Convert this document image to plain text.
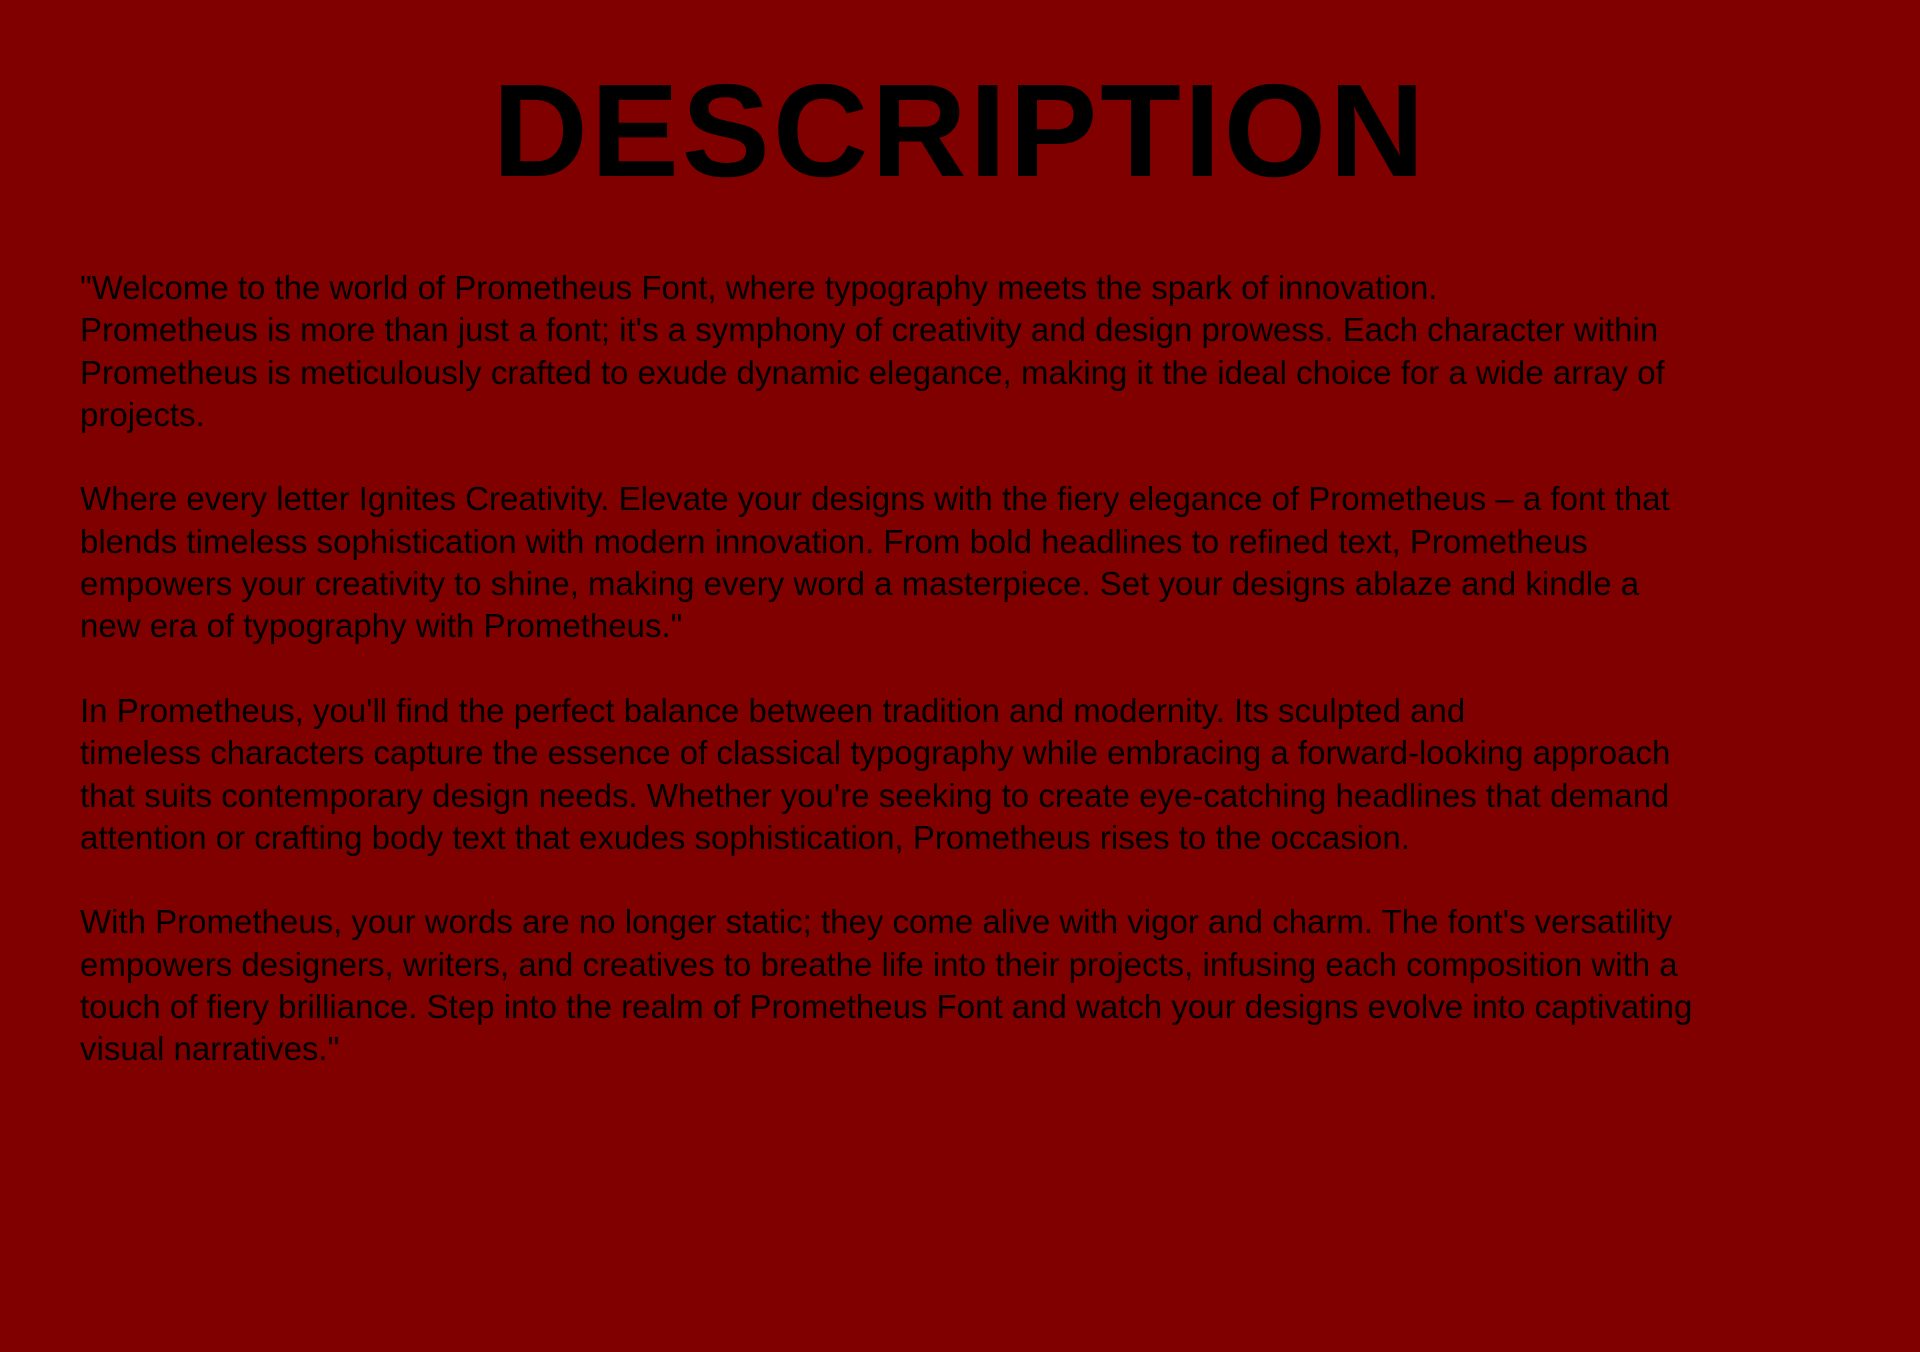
DESCRIPTION

"Welcome to the world of Prometheus Font, where typography meets the spark of innovation.
Prometheus is more than just a font; it's a symphony of creativity and design prowess. Each character within
Prometheus is meticulously crafted to exude dynamic elegance, making it the ideal choice for a wide array of
projects.

Where every letter Ignites Creativity. Elevate your designs with the fiery elegance of Prometheus – a font that
blends timeless sophistication with modern innovation. From bold headlines to refined text, Prometheus
empowers your creativity to shine, making every word a masterpiece. Set your designs ablaze and kindle a
new era of typography with Prometheus."

In Prometheus, you'll find the perfect balance between tradition and modernity. Its sculpted and
timeless characters capture the essence of classical typography while embracing a forward-looking approach
that suits contemporary design needs. Whether you're seeking to create eye-catching headlines that demand
attention or crafting body text that exudes sophistication, Prometheus rises to the occasion.

With Prometheus, your words are no longer static; they come alive with vigor and charm. The font's versatility
empowers designers, writers, and creatives to breathe life into their projects, infusing each composition with a
touch of fiery brilliance. Step into the realm of Prometheus Font and watch your designs evolve into captivating
visual narratives."
